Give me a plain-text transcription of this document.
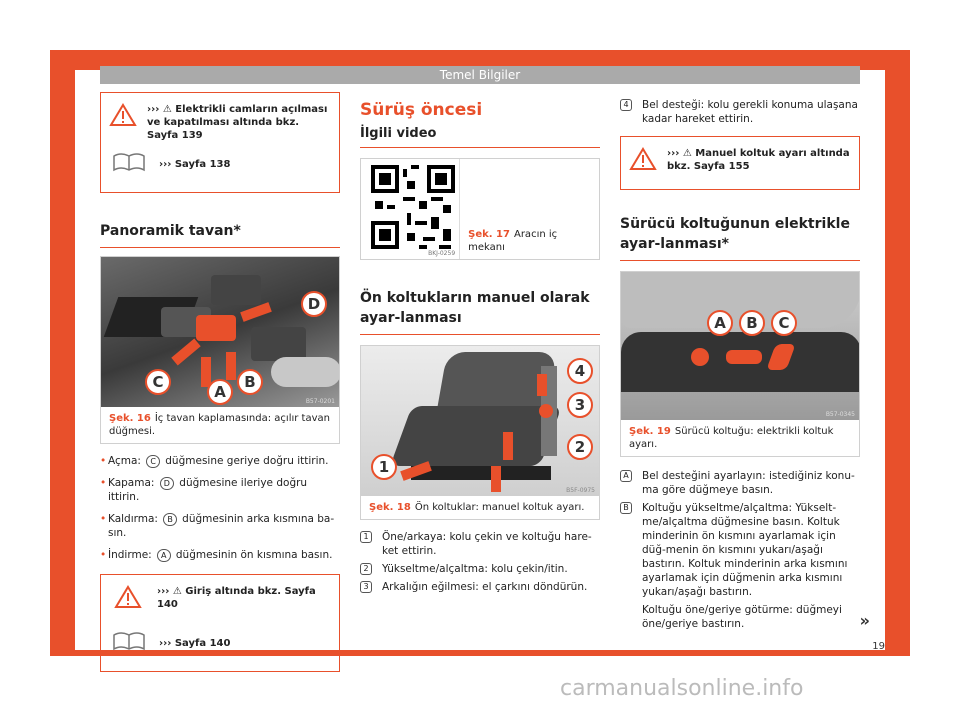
Temel Bilgiler
››› ⚠ Elektrikli camların açılması ve kapatılması altında bkz. Sayfa 139
››› Sayfa 138
Panoramik tavan*
D
C
A
B
B57-0201
Şek. 16 İç tavan kaplamasında: açılır tavan düğmesi.
• Açma: C düğmesine geriye doğru ittirin.
• Kapama: D düğmesine ileriye doğru ittirin.
• Kaldırma: B düğmesinin arka kısmına ba-sın.
• İndirme: A düğmesinin ön kısmına basın.
››› ⚠ Giriş altında bkz. Sayfa 140
››› Sayfa 140
Sürüş öncesi
İlgili video
BKJ-0259
Şek. 17 Aracın iç mekanı
Ön koltukların manuel olarak ayar-lanması
4
3
2
1
B5F-0975
Şek. 18 Ön koltuklar: manuel koltuk ayarı.
1	Öne/arkaya: kolu çekin ve koltuğu hare-ket ettirin.
2	Yükseltme/alçaltma: kolu çekin/itin.
3	Arkalığın eğilmesi: el çarkını döndürün.
4	Bel desteği: kolu gerekli konuma ulaşana kadar hareket ettirin.
››› ⚠ Manuel koltuk ayarı altında bkz. Sayfa 155
Sürücü koltuğunun elektrikle ayar-lanması*
A	B	C
B57-0345
Şek. 19 Sürücü koltuğu: elektrikli koltuk ayarı.
A	Bel desteğini ayarlayın: istediğiniz konu-ma göre düğmeye basın.
B	Koltuğu yükseltme/alçaltma: Yükselt-me/alçaltma düğmesine basın. Koltuk minderinin ön kısmını ayarlamak için düğ-menin ön kısmını yukarı/aşağı bastırın. Koltuk minderinin arka kısmını ayarlamak için düğmenin arka kısmını yukarı/aşağı bastırın.
Koltuğu öne/geriye götürme: düğmeyi öne/geriye bastırın.	»
19
carmanualsonline.info
